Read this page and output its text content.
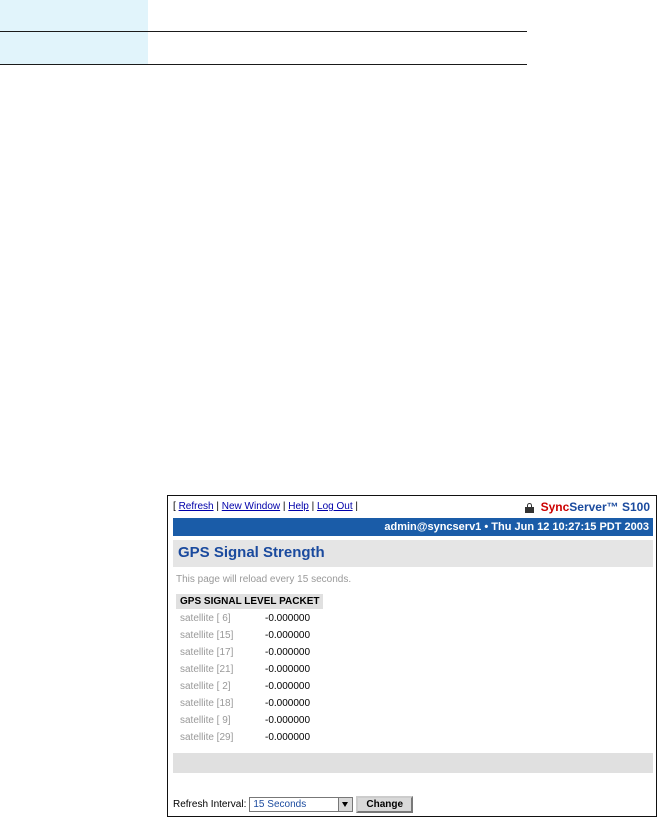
[ Refresh | New Window | Help | Log Out |	SyncServer™ S100
admin@syncserv1 • Thu Jun 12 10:27:15 PDT 2003
GPS Signal Strength
This page will reload every 15 seconds.
GPS SIGNAL LEVEL PACKET
satellite [ 6]	-0.000000
satellite [15]	-0.000000
satellite [17]	-0.000000
satellite [21]	-0.000000
satellite [ 2]	-0.000000
satellite [18]	-0.000000
satellite [ 9]	-0.000000
satellite [29]	-0.000000
Refresh Interval: 15 Seconds	Change
